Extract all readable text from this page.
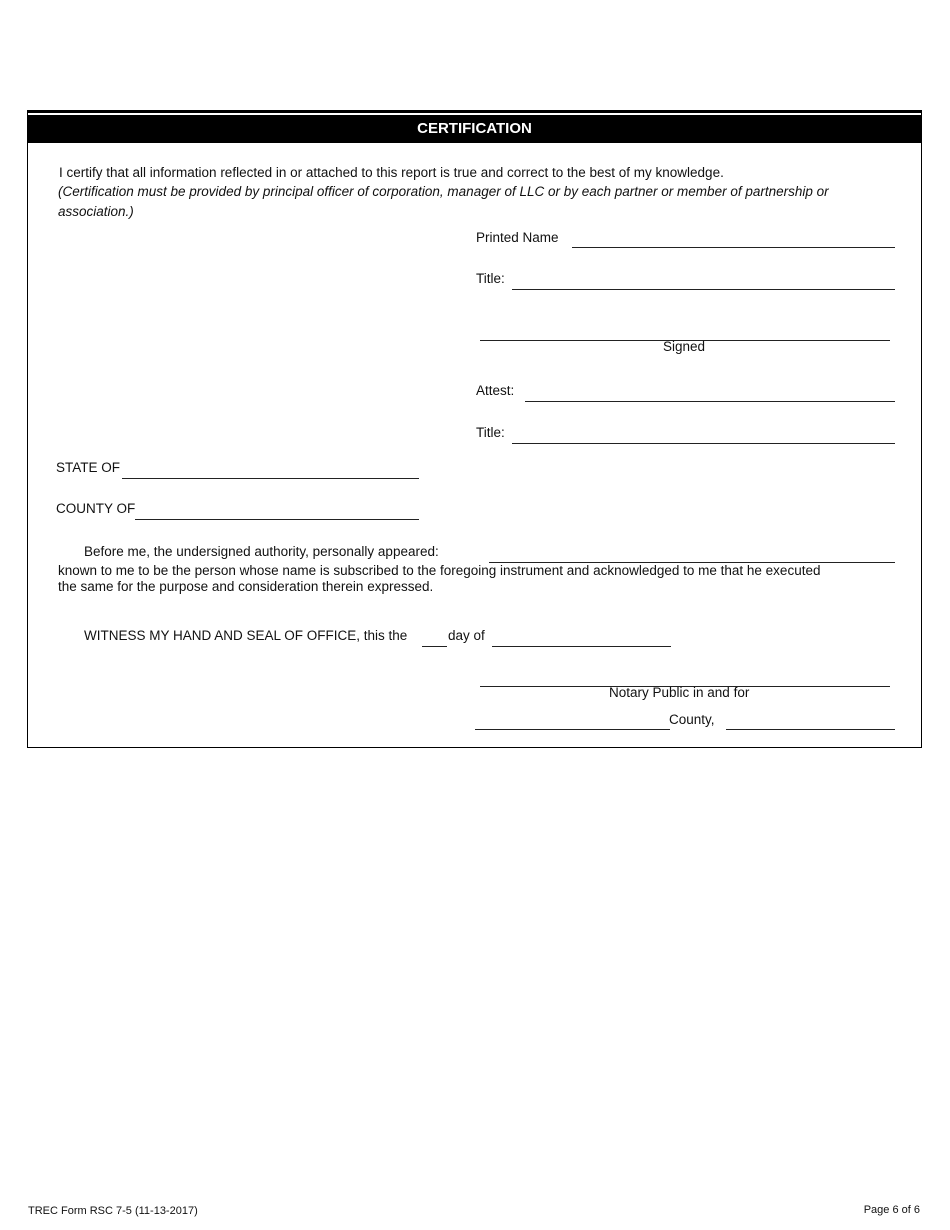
CERTIFICATION
I certify that all information reflected in or attached to this report is true and correct to the best of my knowledge.
(Certification must be provided by principal officer of corporation, manager of LLC or by each partner or member of partnership or
association.)
Printed Name
Title:
Signed
Attest:
Title:
STATE OF
COUNTY OF
Before me, the undersigned authority, personally appeared:
known to me to be the person whose name is subscribed to the foregoing instrument and acknowledged to me that he executed
the same for the purpose and consideration therein expressed.
WITNESS MY HAND AND SEAL OF OFFICE, this the	day of
Notary Public in and for
County,
TREC Form RSC 7-5 (11-13-2017)	Page 6 of 6
